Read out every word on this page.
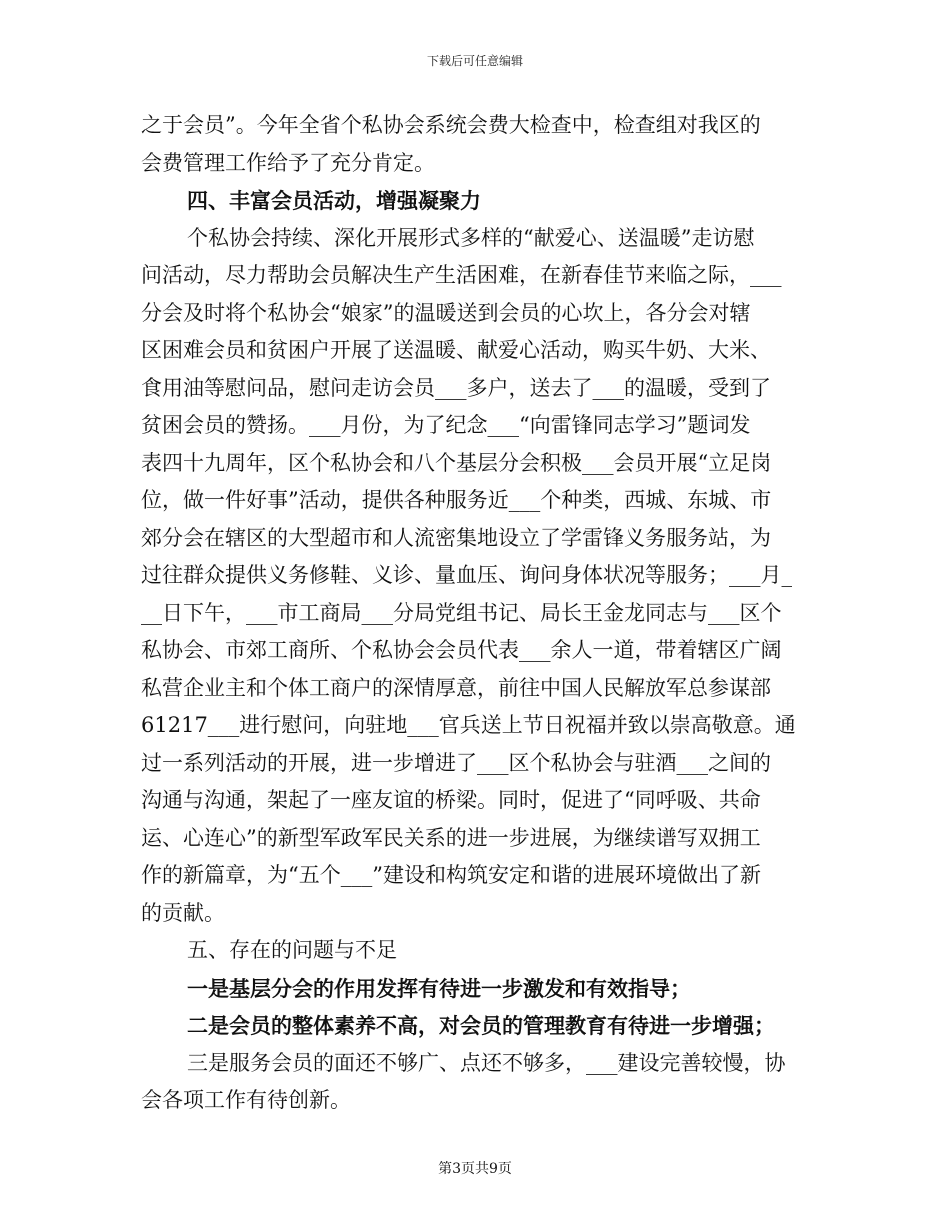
下载后可任意编辑
之于会员”。今年全省个私协会系统会费大检查中，检查组对我区的
会费管理工作给予了充分肯定。
四、丰富会员活动，增强凝聚力
个私协会持续、深化开展形式多样的“献爱心、送温暖”走访慰
问活动，尽力帮助会员解决生产生活困难，在新春佳节来临之际，___
分会及时将个私协会“娘家”的温暖送到会员的心坎上，各分会对辖
区困难会员和贫困户开展了送温暖、献爱心活动，购买牛奶、大米、
食用油等慰问品，慰问走访会员___多户，送去了___的温暖，受到了
贫困会员的赞扬。___月份，为了纪念___“向雷锋同志学习”题词发
表四十九周年，区个私协会和八个基层分会积极___会员开展“立足岗
位，做一件好事”活动，提供各种服务近___个种类，西城、东城、市
郊分会在辖区的大型超市和人流密集地设立了学雷锋义务服务站，为
过往群众提供义务修鞋、义诊、量血压、询问身体状况等服务；___月_
__日下午，___市工商局___分局党组书记、局长王金龙同志与___区个
私协会、市郊工商所、个私协会会员代表___余人一道，带着辖区广阔
私营企业主和个体工商户的深情厚意，前往中国人民解放军总参谋部
61217___进行慰问，向驻地___官兵送上节日祝福并致以崇高敬意。通
过一系列活动的开展，进一步增进了___区个私协会与驻酒___之间的
沟通与沟通，架起了一座友谊的桥梁。同时，促进了“同呼吸、共命
运、心连心”的新型军政军民关系的进一步进展，为继续谱写双拥工
作的新篇章，为“五个___”建设和构筑安定和谐的进展环境做出了新
的贡献。
五、存在的问题与不足
一是基层分会的作用发挥有待进一步激发和有效指导；
二是会员的整体素养不高，对会员的管理教育有待进一步增强；
三是服务会员的面还不够广、点还不够多，___建设完善较慢，协
会各项工作有待创新。
第3页共9页
